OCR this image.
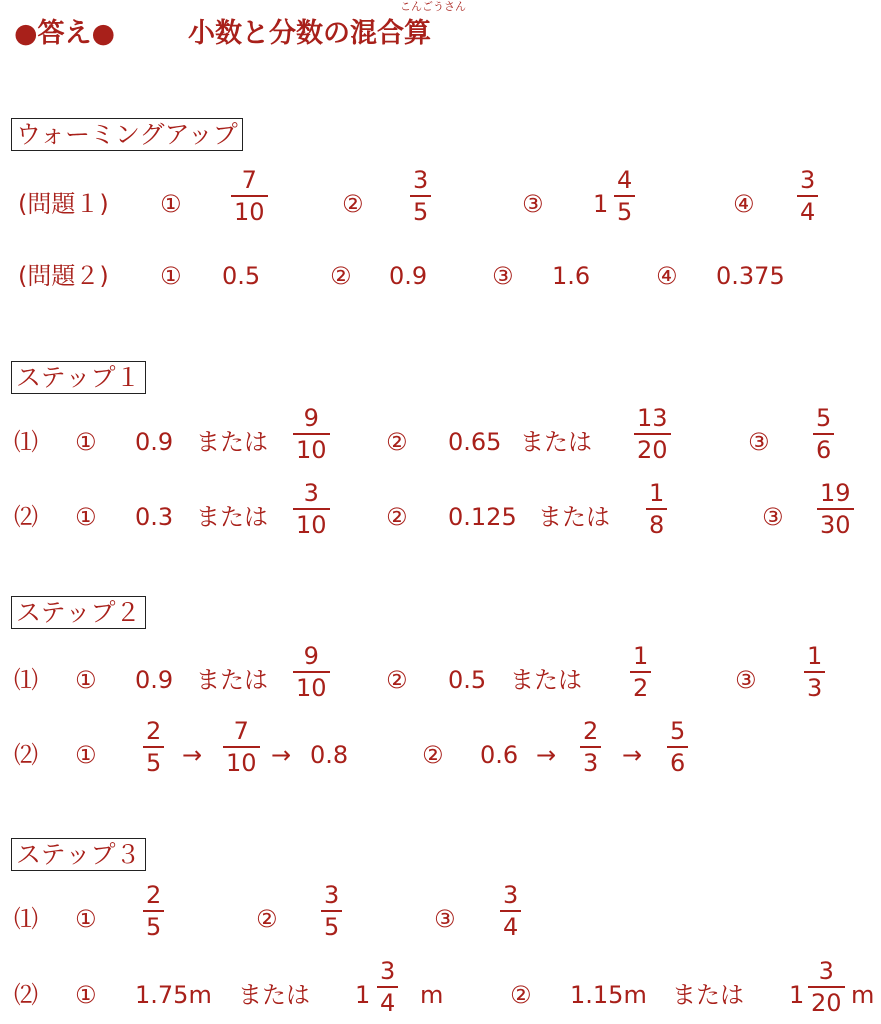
●答え●
こんごうさん
小数と分数の混合算
ウォーミングアップ
(問題１) ①
7
10	②
3
5	③ 1
4
5	④
3
4
(問題２) ① 0.5	② 0.9	③ 1.6	④ 0.375
ステップ１
⑴ ① 0.9 または
9
10 ② 0.65 または
13
20	③
5
6
⑵ ① 0.3 または
3
10 ② 0.125 または
1
8	③
19
30
ステップ２
⑴ ① 0.9 または
9
10 ② 0.5 または
1
2	③
1
3
⑵ ①
2
5 →
7
10 → 0.8	② 0.6 →
2
3 →
5
6
ステップ３
⑴ ①
2
5	②
3
5	③
3
4
⑵ ① 1.75m または 1
3
4 m	② 1.15m または 1
3
20 m
